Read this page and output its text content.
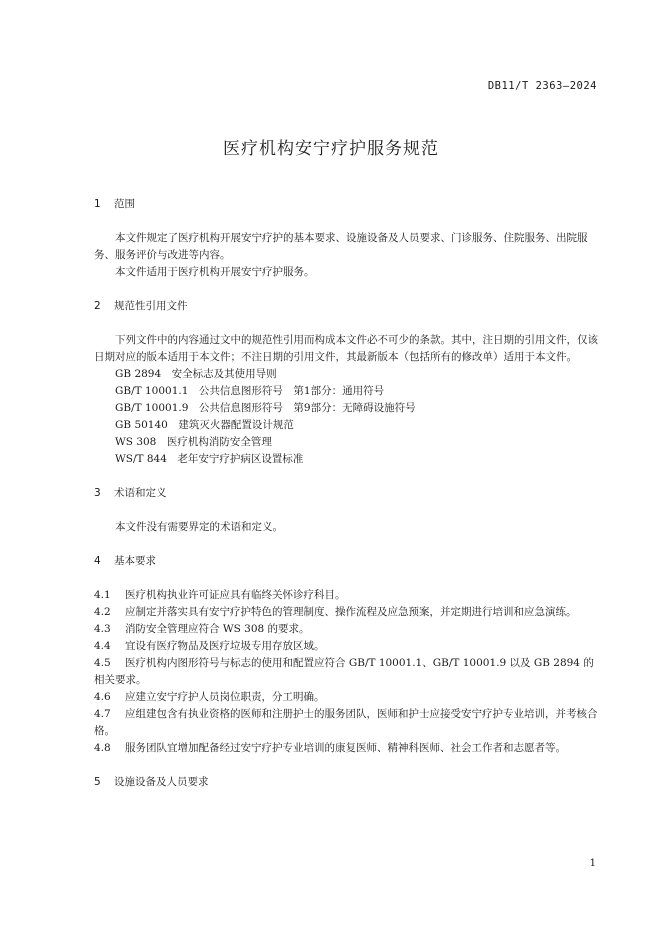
DB11/T 2363—2024
医疗机构安宁疗护服务规范
1 范围

本文件规定了医疗机构开展安宁疗护的基本要求、设施设备及人员要求、门诊服务、住院服务、出院服务、服务评价与改进等内容。

本文件适用于医疗机构开展安宁疗护服务。

2 规范性引用文件

下列文件中的内容通过文中的规范性引用而构成本文件必不可少的条款。其中，注日期的引用文件，仅该日期对应的版本适用于本文件；不注日期的引用文件，其最新版本（包括所有的修改单）适用于本文件。

GB 2894　安全标志及其使用导则

GB/T 10001.1　公共信息图形符号　第1部分：通用符号

GB/T 10001.9　公共信息图形符号　第9部分：无障碍设施符号

GB 50140　建筑灭火器配置设计规范

WS 308　医疗机构消防安全管理

WS/T 844　老年安宁疗护病区设置标准

3 术语和定义

本文件没有需要界定的术语和定义。

4 基本要求

4.1 医疗机构执业许可证应具有临终关怀诊疗科目。

4.2 应制定并落实具有安宁疗护特色的管理制度、操作流程及应急预案，并定期进行培训和应急演练。

4.3 消防安全管理应符合 WS 308 的要求。

4.4 宜设有医疗物品及医疗垃圾专用存放区域。

4.5 医疗机构内图形符号与标志的使用和配置应符合 GB/T 10001.1、GB/T 10001.9 以及 GB 2894 的相关要求。

4.6 应建立安宁疗护人员岗位职责，分工明确。

4.7 应组建包含有执业资格的医师和注册护士的服务团队，医师和护士应接受安宁疗护专业培训，并考核合格。

4.8 服务团队宜增加配备经过安宁疗护专业培训的康复医师、精神科医师、社会工作者和志愿者等。

5 设施设备及人员要求
1
